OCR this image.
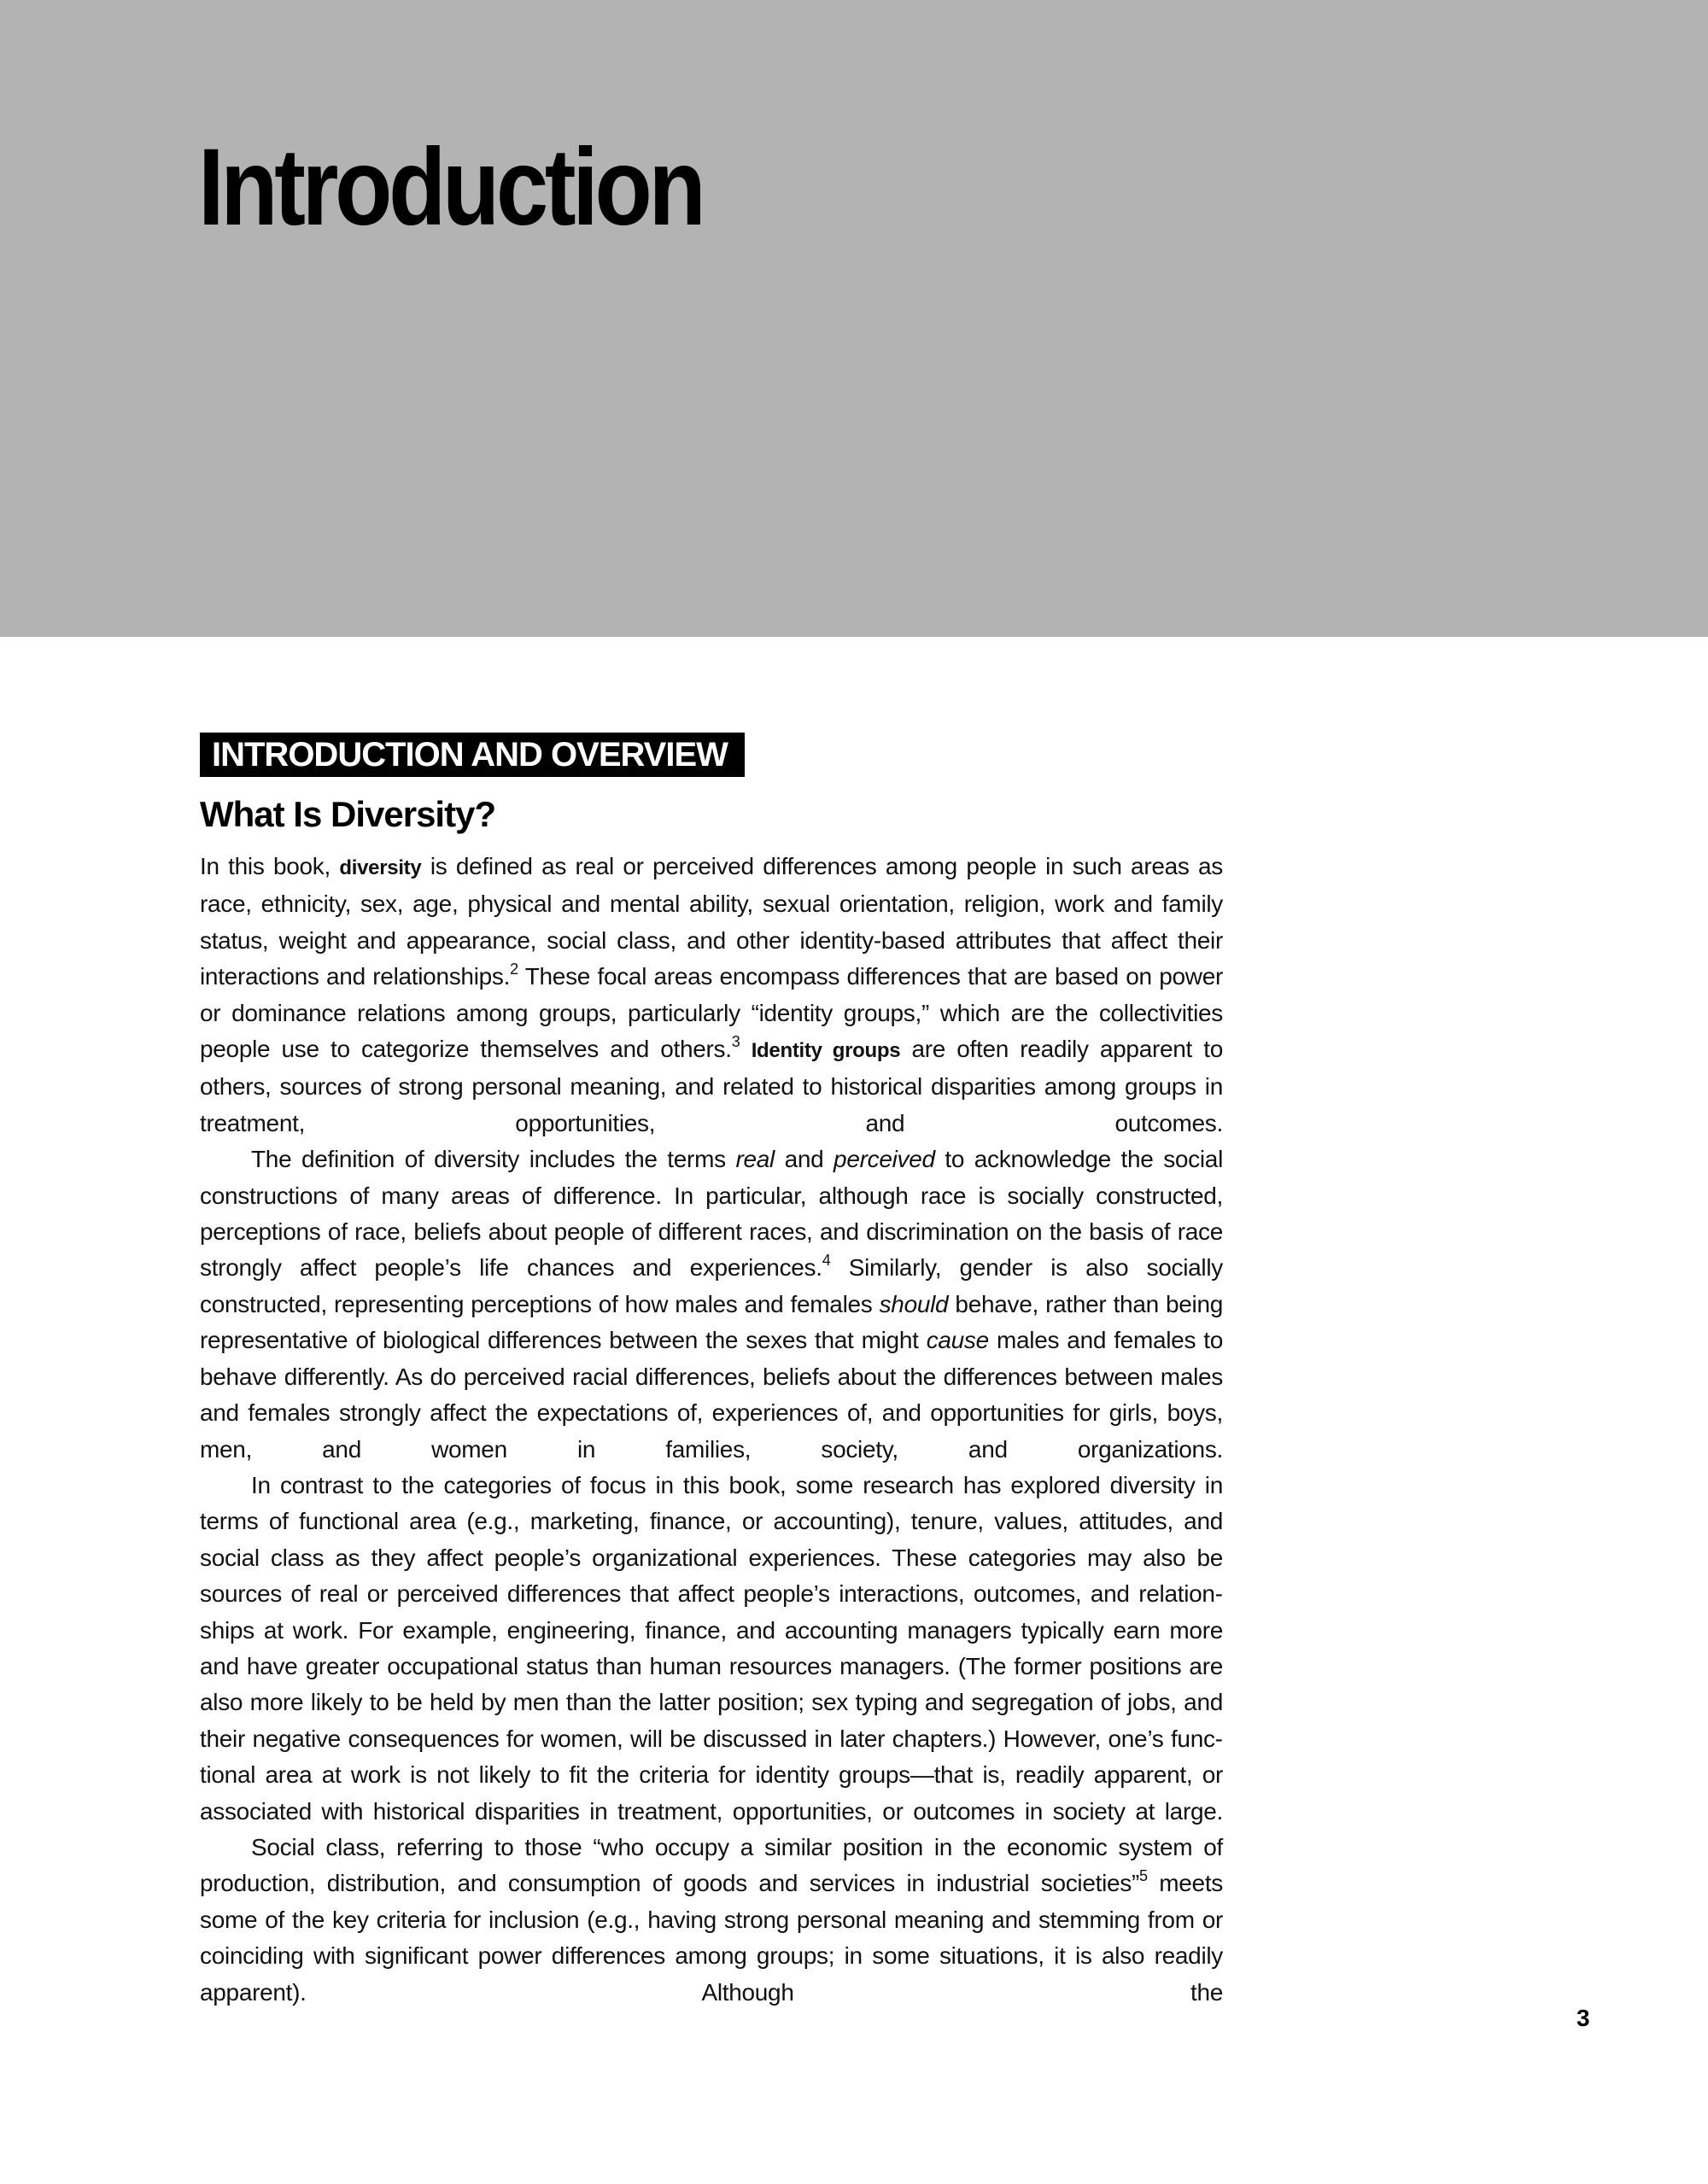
Introduction
INTRODUCTION AND OVERVIEW
What Is Diversity?

In this book, diversity is defined as real or perceived differences among people in such areas as race, ethnicity, sex, age, physical and mental ability, sexual orientation, religion, work and family status, weight and appearance, social class, and other identity-based attributes that affect their interactions and relationships.$^2$ These focal areas encompass differences that are based on power or dominance relations among groups, particularly “identity groups,” which are the collectivities people use to categorize themselves and others.$^3$ Identity groups are often readily apparent to others, sources of strong personal meaning, and related to historical disparities among groups in treatment, opportunities, and outcomes.

The definition of diversity includes the terms real and perceived to acknowledge the social constructions of many areas of difference. In particular, although race is socially constructed, perceptions of race, beliefs about people of different races, and discrimination on the basis of race strongly affect people’s life chances and experiences.$^4$ Similarly, gender is also socially constructed, representing perceptions of how males and females should behave, rather than being representative of biological differences between the sexes that might cause males and females to behave differently. As do perceived racial differences, beliefs about the differences between males and females strongly affect the expectations of, experiences of, and opportunities for girls, boys, men, and women in families, society, and organizations.

In contrast to the categories of focus in this book, some research has explored diversity in terms of functional area (e.g., marketing, finance, or accounting), tenure, values, attitudes, and social class as they affect people’s organizational experiences. These categories may also be sources of real or perceived differences that affect people’s interactions, outcomes, and relationships at work. For example, engineering, finance, and accounting managers typically earn more and have greater occupational status than human resources managers. (The former positions are also more likely to be held by men than the latter position; sex typing and segregation of jobs, and their negative consequences for women, will be discussed in later chapters.) However, one’s functional area at work is not likely to fit the criteria for identity groups—that is, readily apparent, or associated with historical disparities in treatment, opportunities, or outcomes in society at large.

Social class, referring to those “who occupy a similar position in the economic system of production, distribution, and consumption of goods and services in industrial societies”$^5$ meets some of the key criteria for inclusion (e.g., having strong personal meaning and stemming from or coinciding with significant power differences among groups; in some situations, it is also readily apparent). Although the

3
